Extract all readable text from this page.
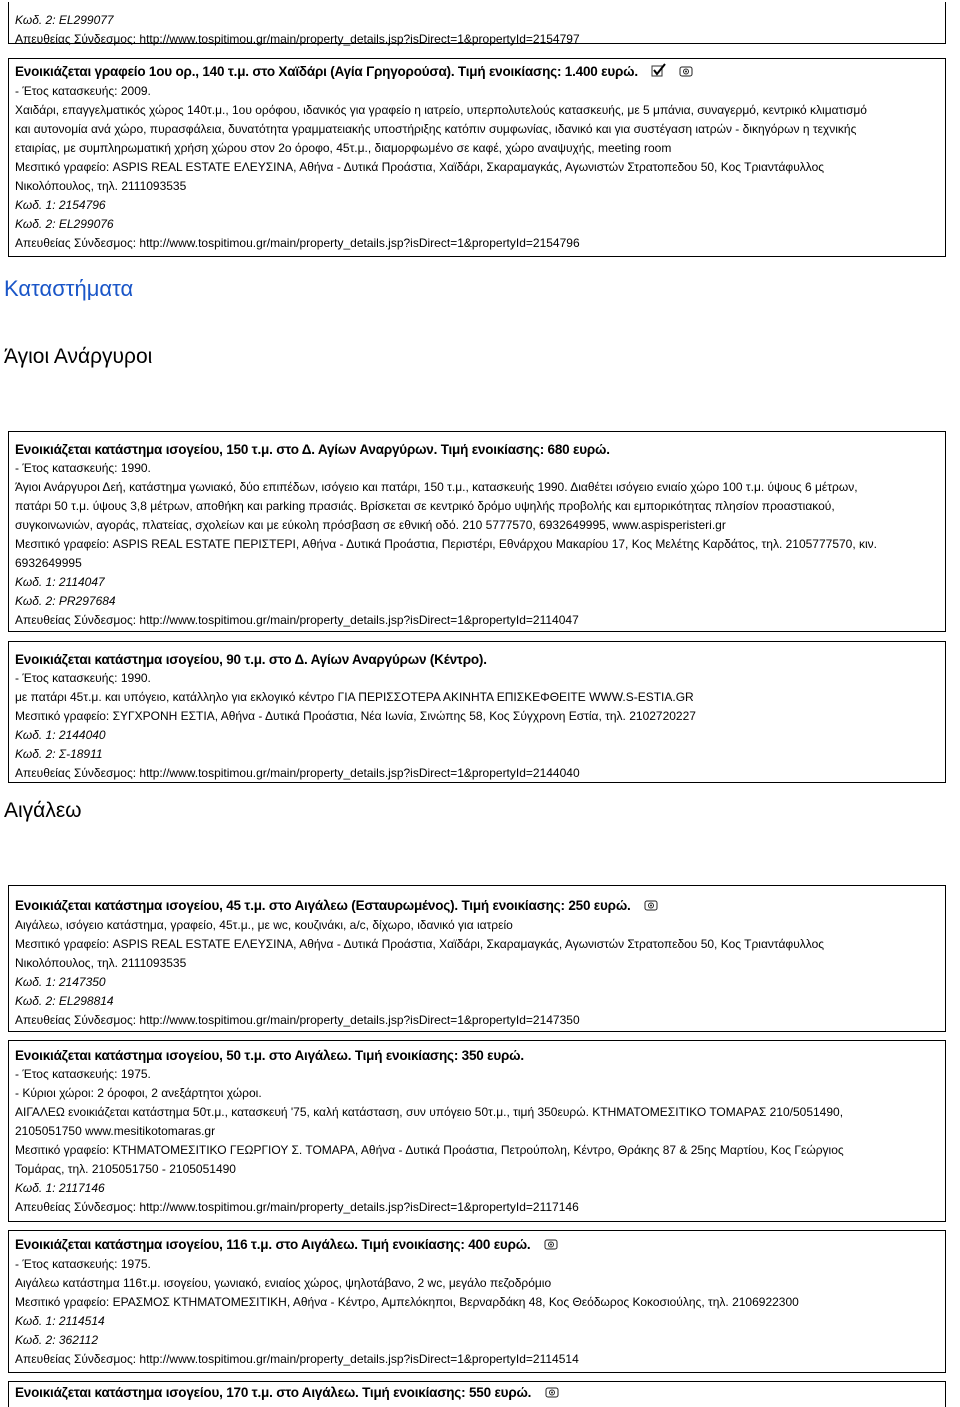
Κωδ. 2: EL299077

Απευθείας Σύνδεσμος: http://www.tospitimou.gr/main/property_details.jsp?isDirect=1&propertyId=2154797

Ενοικιάζεται γραφείο 1ου ορ., 140 τ.μ. στο Χαϊδάρι (Αγία Γρηγορούσα). Τιμή ενοικίασης: 1.400 ευρώ.

- Έτος κατασκευής: 2009.

Χαιδάρι, επαγγελματικός χώρος 140τ.μ., 1ου ορόφου, ιδανικός για γραφείο η ιατρείο, υπερπολυτελούς κατασκευής, με 5 μπάνια, συναγερμό, κεντρικό κλιματισμό

και αυτονομία ανά χώρο, πυρασφάλεια, δυνατότητα γραμματειακής υποστήριξης κατόπιν συμφωνίας, ιδανικό και για συστέγαση ιατρών - δικηγόρων η τεχνικής

εταιρίας, με συμπληρωματική χρήση χώρου στον 2ο όροφο, 45τ.μ., διαμορφωμένο σε καφέ, χώρο αναψυχής, meeting room

Μεσιτικό γραφείο: ASPIS REAL ESTATE ΕΛΕΥΣΙΝΑ, Αθήνα - Δυτικά Προάστια, Χαϊδάρι, Σκαραμαγκάς, Αγωνιστών Στρατοπεδου 50, Κος Τριαντάφυλλος

Νικολόπουλος, τηλ. 2111093535

Κωδ. 1: 2154796

Κωδ. 2: EL299076

Απευθείας Σύνδεσμος: http://www.tospitimou.gr/main/property_details.jsp?isDirect=1&propertyId=2154796

Καταστήματα
Άγιοι Ανάργυροι

Ενοικιάζεται κατάστημα ισογείου, 150 τ.μ. στο Δ. Αγίων Αναργύρων. Τιμή ενοικίασης: 680 ευρώ.

- Έτος κατασκευής: 1990.

Άγιοι Ανάργυροι Δεή, κατάστημα γωνιακό, δύο επιπέδων, ισόγειο και πατάρι, 150 τ.μ., κατασκευής 1990. Διαθέτει ισόγειο ενιαίο χώρο 100 τ.μ. ύψους 6 μέτρων,

πατάρι 50 τ.μ. ύψους 3,8 μέτρων, αποθήκη και parking πρασιάς. Βρίσκεται σε κεντρικό δρόμο υψηλής προβολής και εμπορικότητας πλησίον προαστιακού,

συγκοινωνιών, αγοράς, πλατείας, σχολείων και με εύκολη πρόσβαση σε εθνική οδό. 210 5777570, 6932649995, www.aspisperisteri.gr

Μεσιτικό γραφείο: ASPIS REAL ESTATE ΠΕΡΙΣΤΕΡΙ, Αθήνα - Δυτικά Προάστια, Περιστέρι, Εθνάρχου Μακαρίου 17, Κος Μελέτης Καρδάτος, τηλ. 2105777570, κιν.

6932649995

Κωδ. 1: 2114047

Κωδ. 2: PR297684

Απευθείας Σύνδεσμος: http://www.tospitimou.gr/main/property_details.jsp?isDirect=1&propertyId=2114047

Ενοικιάζεται κατάστημα ισογείου, 90 τ.μ. στο Δ. Αγίων Αναργύρων (Κέντρο).

- Έτος κατασκευής: 1990.

με πατάρι 45τ.μ. και υπόγειο, κατάλληλο για εκλογικό κέντρο ΓΙΑ ΠΕΡΙΣΣΟΤΕΡΑ ΑΚΙΝΗΤΑ ΕΠΙΣΚΕΦΘΕΙΤΕ WWW.S-ESTIA.GR

Μεσιτικό γραφείο: ΣΥΓΧΡΟΝΗ ΕΣΤΙΑ, Αθήνα - Δυτικά Προάστια, Νέα Ιωνία, Σινώπης 58, Κος Σύγχρονη Εστία, τηλ. 2102720227

Κωδ. 1: 2144040

Κωδ. 2: Σ-18911

Απευθείας Σύνδεσμος: http://www.tospitimou.gr/main/property_details.jsp?isDirect=1&propertyId=2144040

Αιγάλεω

Ενοικιάζεται κατάστημα ισογείου, 45 τ.μ. στο Αιγάλεω (Εσταυρωμένος). Τιμή ενοικίασης: 250 ευρώ.

Αιγάλεω, ισόγειο κατάστημα, γραφείο, 45τ.μ., με wc, κουζινάκι, a/c, δίχωρο, ιδανικό για ιατρείο

Μεσιτικό γραφείο: ASPIS REAL ESTATE ΕΛΕΥΣΙΝΑ, Αθήνα - Δυτικά Προάστια, Χαϊδάρι, Σκαραμαγκάς, Αγωνιστών Στρατοπεδου 50, Κος Τριαντάφυλλος

Νικολόπουλος, τηλ. 2111093535

Κωδ. 1: 2147350

Κωδ. 2: EL298814

Απευθείας Σύνδεσμος: http://www.tospitimou.gr/main/property_details.jsp?isDirect=1&propertyId=2147350

Ενοικιάζεται κατάστημα ισογείου, 50 τ.μ. στο Αιγάλεω. Τιμή ενοικίασης: 350 ευρώ.

- Έτος κατασκευής: 1975.

- Κύριοι χώροι: 2 όροφοι, 2 ανεξάρτητοι χώροι.

ΑΙΓΑΛΕΩ ενοικιάζεται κατάστημα 50τ.μ., κατασκευή '75, καλή κατάσταση, συν υπόγειο 50τ.μ., τιμή 350ευρώ. ΚΤΗΜΑΤΟΜΕΣΙΤΙΚΟ ΤΟΜΑΡΑΣ 210/5051490,

2105051750 www.mesitikotomaras.gr

Μεσιτικό γραφείο: ΚΤΗΜΑΤΟΜΕΣΙΤΙΚΟ ΓΕΩΡΓΙΟΥ Σ. ΤΟΜΑΡΑ, Αθήνα - Δυτικά Προάστια, Πετρούπολη, Κέντρο, Θράκης 87 & 25ης Μαρτίου, Κος Γεώργιος

Τομάρας, τηλ. 2105051750 - 2105051490

Κωδ. 1: 2117146

Απευθείας Σύνδεσμος: http://www.tospitimou.gr/main/property_details.jsp?isDirect=1&propertyId=2117146

Ενοικιάζεται κατάστημα ισογείου, 116 τ.μ. στο Αιγάλεω. Τιμή ενοικίασης: 400 ευρώ.

- Έτος κατασκευής: 1975.

Αιγάλεω κατάστημα 116τ.μ. ισογείου, γωνιακό, ενιαίος χώρος, ψηλοτάβανο, 2 wc, μεγάλο πεζοδρόμιο

Μεσιτικό γραφείο: ΕΡΑΣΜΟΣ ΚΤΗΜΑΤΟΜΕΣΙΤΙΚΗ, Αθήνα - Κέντρο, Αμπελόκηποι, Βερναρδάκη 48, Κος Θεόδωρος Κοκοσιούλης, τηλ. 2106922300

Κωδ. 1: 2114514

Κωδ. 2: 362112

Απευθείας Σύνδεσμος: http://www.tospitimou.gr/main/property_details.jsp?isDirect=1&propertyId=2114514

Ενοικιάζεται κατάστημα ισογείου, 170 τ.μ. στο Αιγάλεω. Τιμή ενοικίασης: 550 ευρώ.
